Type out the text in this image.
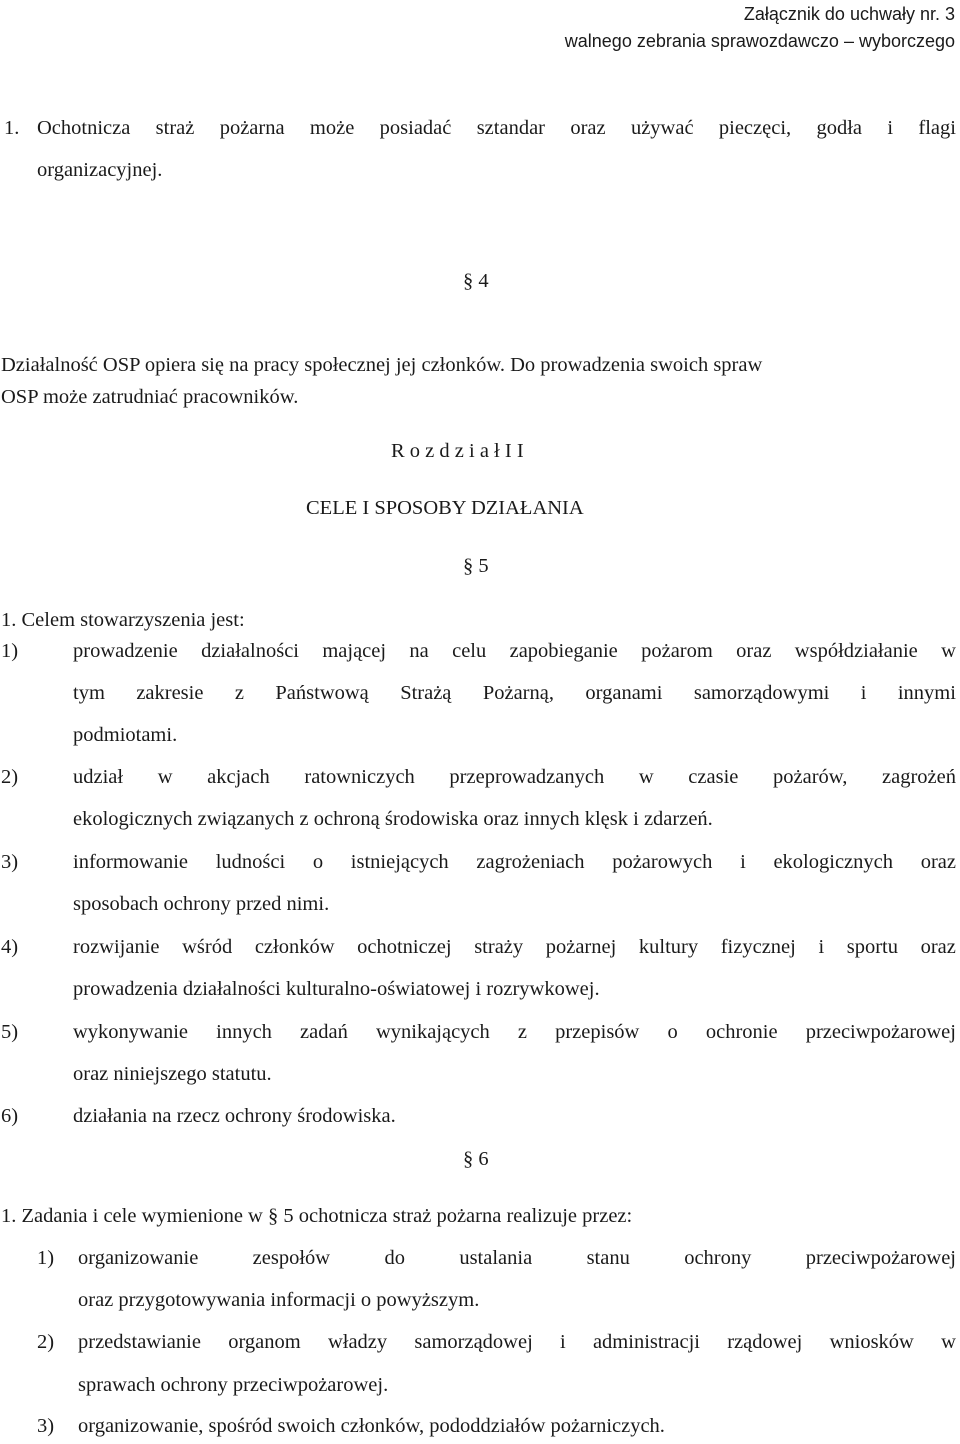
Załącznik do uchwały nr. 3
walnego zebrania sprawozdawczo – wyborczego
1. Ochotnicza straż pożarna może posiadać sztandar oraz używać pieczęci, godła i flagi
organizacyjnej.
§ 4
Działalność OSP opiera się na pracy społecznej jej członków. Do prowadzenia swoich spraw
OSP może zatrudniać pracowników.
R o z d z i a ł I I
CELE I SPOSOBY DZIAŁANIA
§ 5
1. Celem stowarzyszenia jest:
1)	prowadzenie działalności mającej na celu zapobieganie pożarom oraz współdziałanie w
tym zakresie z Państwową Strażą Pożarną, organami samorządowymi i innymi
podmiotami.
2)	udział w akcjach ratowniczych przeprowadzanych w czasie pożarów, zagrożeń
ekologicznych związanych z ochroną środowiska oraz innych klęsk i zdarzeń.
3)	informowanie ludności o istniejących zagrożeniach pożarowych i ekologicznych oraz
sposobach ochrony przed nimi.
4)	rozwijanie wśród członków ochotniczej straży pożarnej kultury fizycznej i sportu oraz
prowadzenia działalności kulturalno-oświatowej i rozrywkowej.
5)	wykonywanie innych zadań wynikających z przepisów o ochronie przeciwpożarowej
oraz niniejszego statutu.
6)	działania na rzecz ochrony środowiska.
§ 6
1. Zadania i cele wymienione w § 5 ochotnicza straż pożarna realizuje przez:
1) organizowanie	zespołów	do	ustalania	stanu	ochrony	przeciwpożarowej
oraz przygotowywania informacji o powyższym.
2) przedstawianie organom władzy samorządowej i administracji rządowej wniosków w
sprawach ochrony przeciwpożarowej.
3) organizowanie, spośród swoich członków, pododdziałów pożarniczych.
